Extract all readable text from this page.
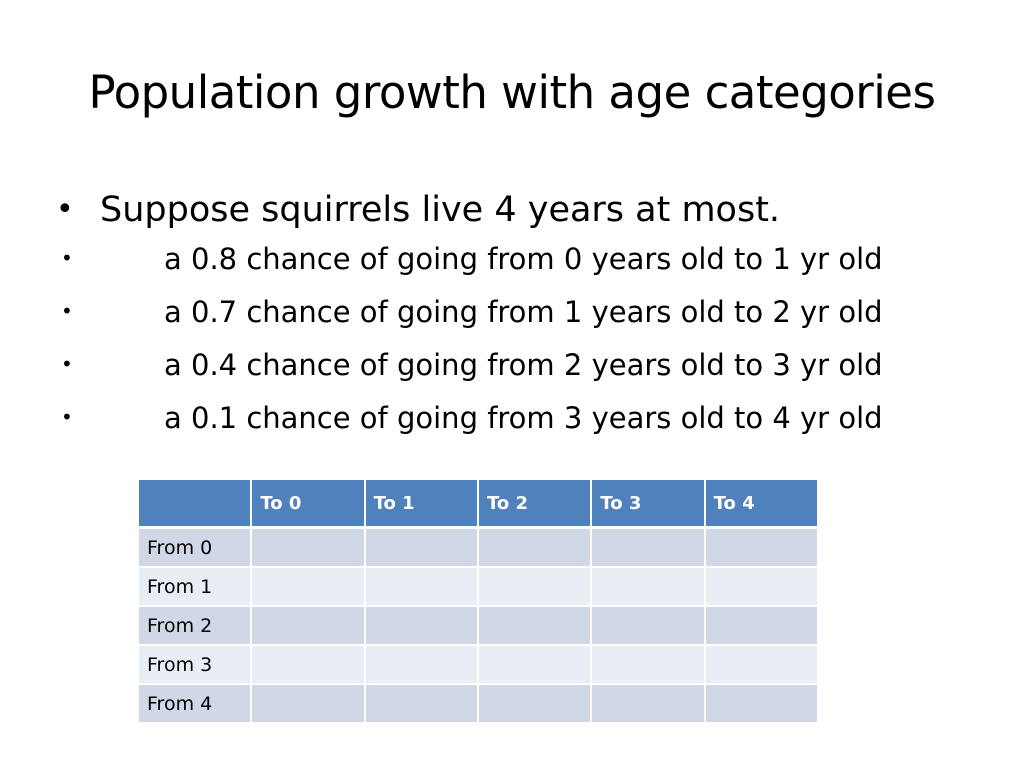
Population growth with age categories
• Suppose squirrels live 4 years at most.
•	a 0.8 chance of going from 0 years old to 1 yr old
•	a 0.7 chance of going from 1 years old to 2 yr old
•	a 0.4 chance of going from 2 years old to 3 yr old
•	a 0.1 chance of going from 3 years old to 4 yr old
	To 0	To 1	To 2	To 3	To 4
From 0					
From 1					
From 2					
From 3					
From 4					
